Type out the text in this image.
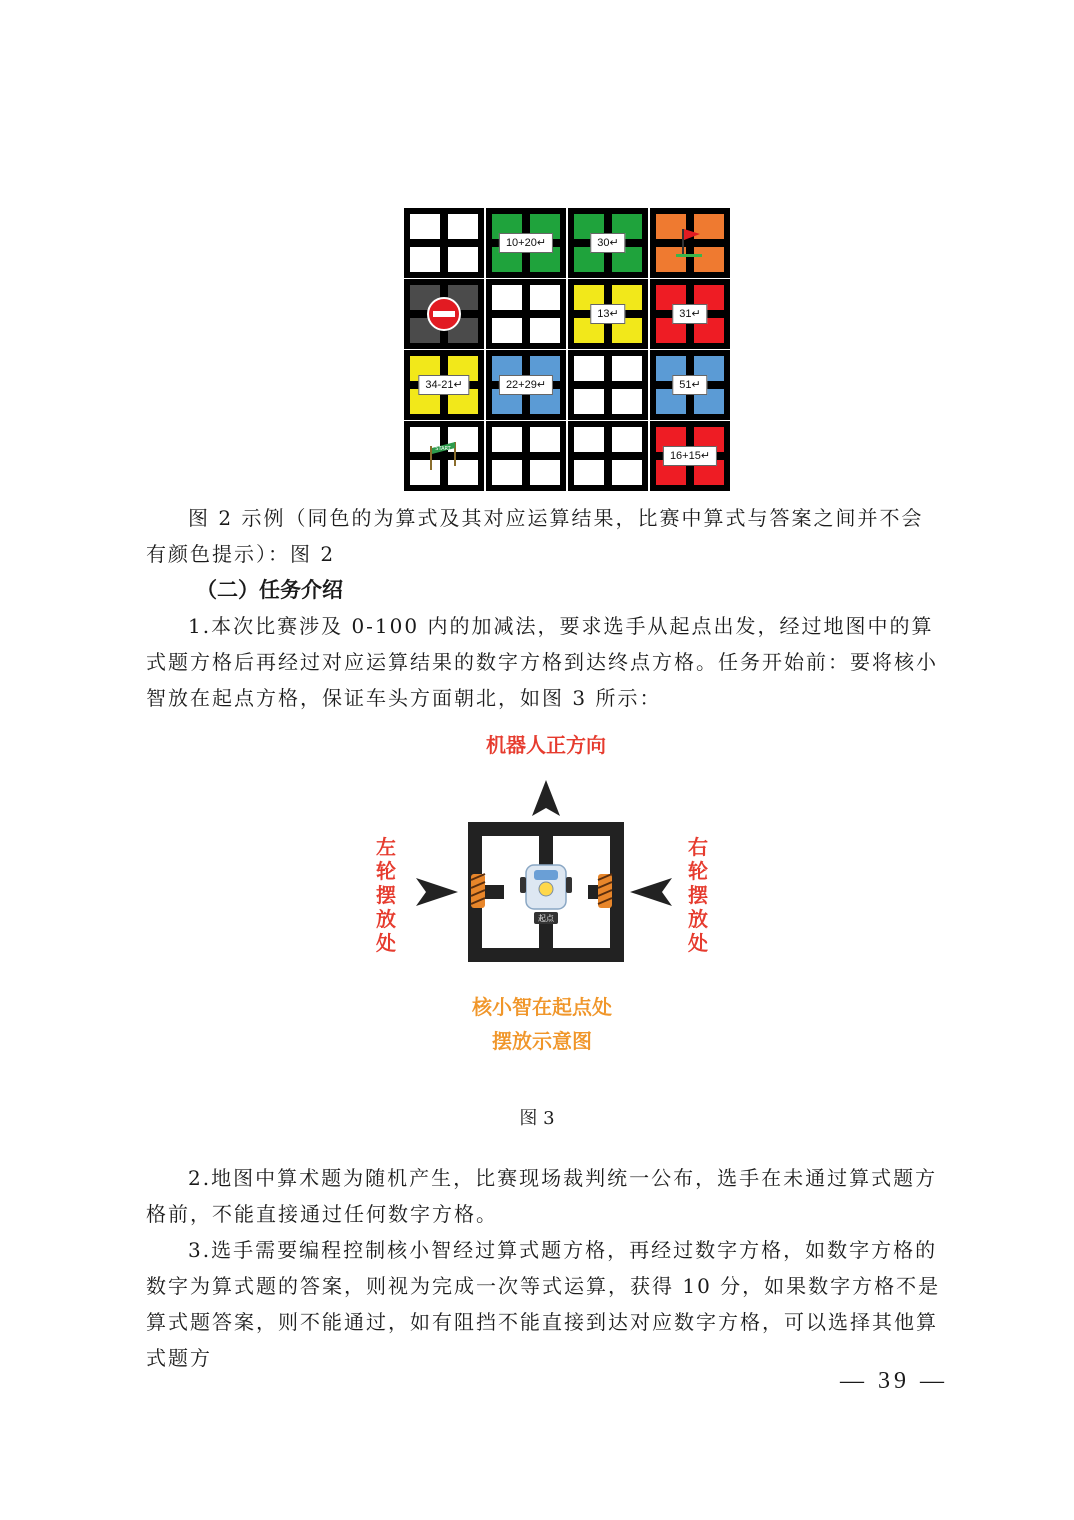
10+20↵	30↵
13↵	31↵
34-21↵	22+29↵	51↵
START
16+15↵

图 2 示例（同色的为算式及其对应运算结果，比赛中算式与答案之间并不会有颜色提示）：图 2

（二）任务介绍

1.本次比赛涉及 0-100 内的加减法，要求选手从起点出发，经过地图中的算式题方格后再经过对应运算结果的数字方格到达终点方格。任务开始前：要将核小智放在起点方格，保证车头方面朝北，如图 3 所示：

机器人正方向
起点
左
轮
摆
放
处
右
轮
摆
放
处
核小智在起点处
摆放示意图
图 3

2.地图中算术题为随机产生，比赛现场裁判统一公布，选手在未通过算式题方格前，不能直接通过任何数字方格。

3.选手需要编程控制核小智经过算式题方格，再经过数字方格，如数字方格的数字为算式题的答案，则视为完成一次等式运算，获得 10 分，如果数字方格不是算式题答案，则不能通过，如有阻挡不能直接到达对应数字方格，可以选择其他算式题方

— 39 —
